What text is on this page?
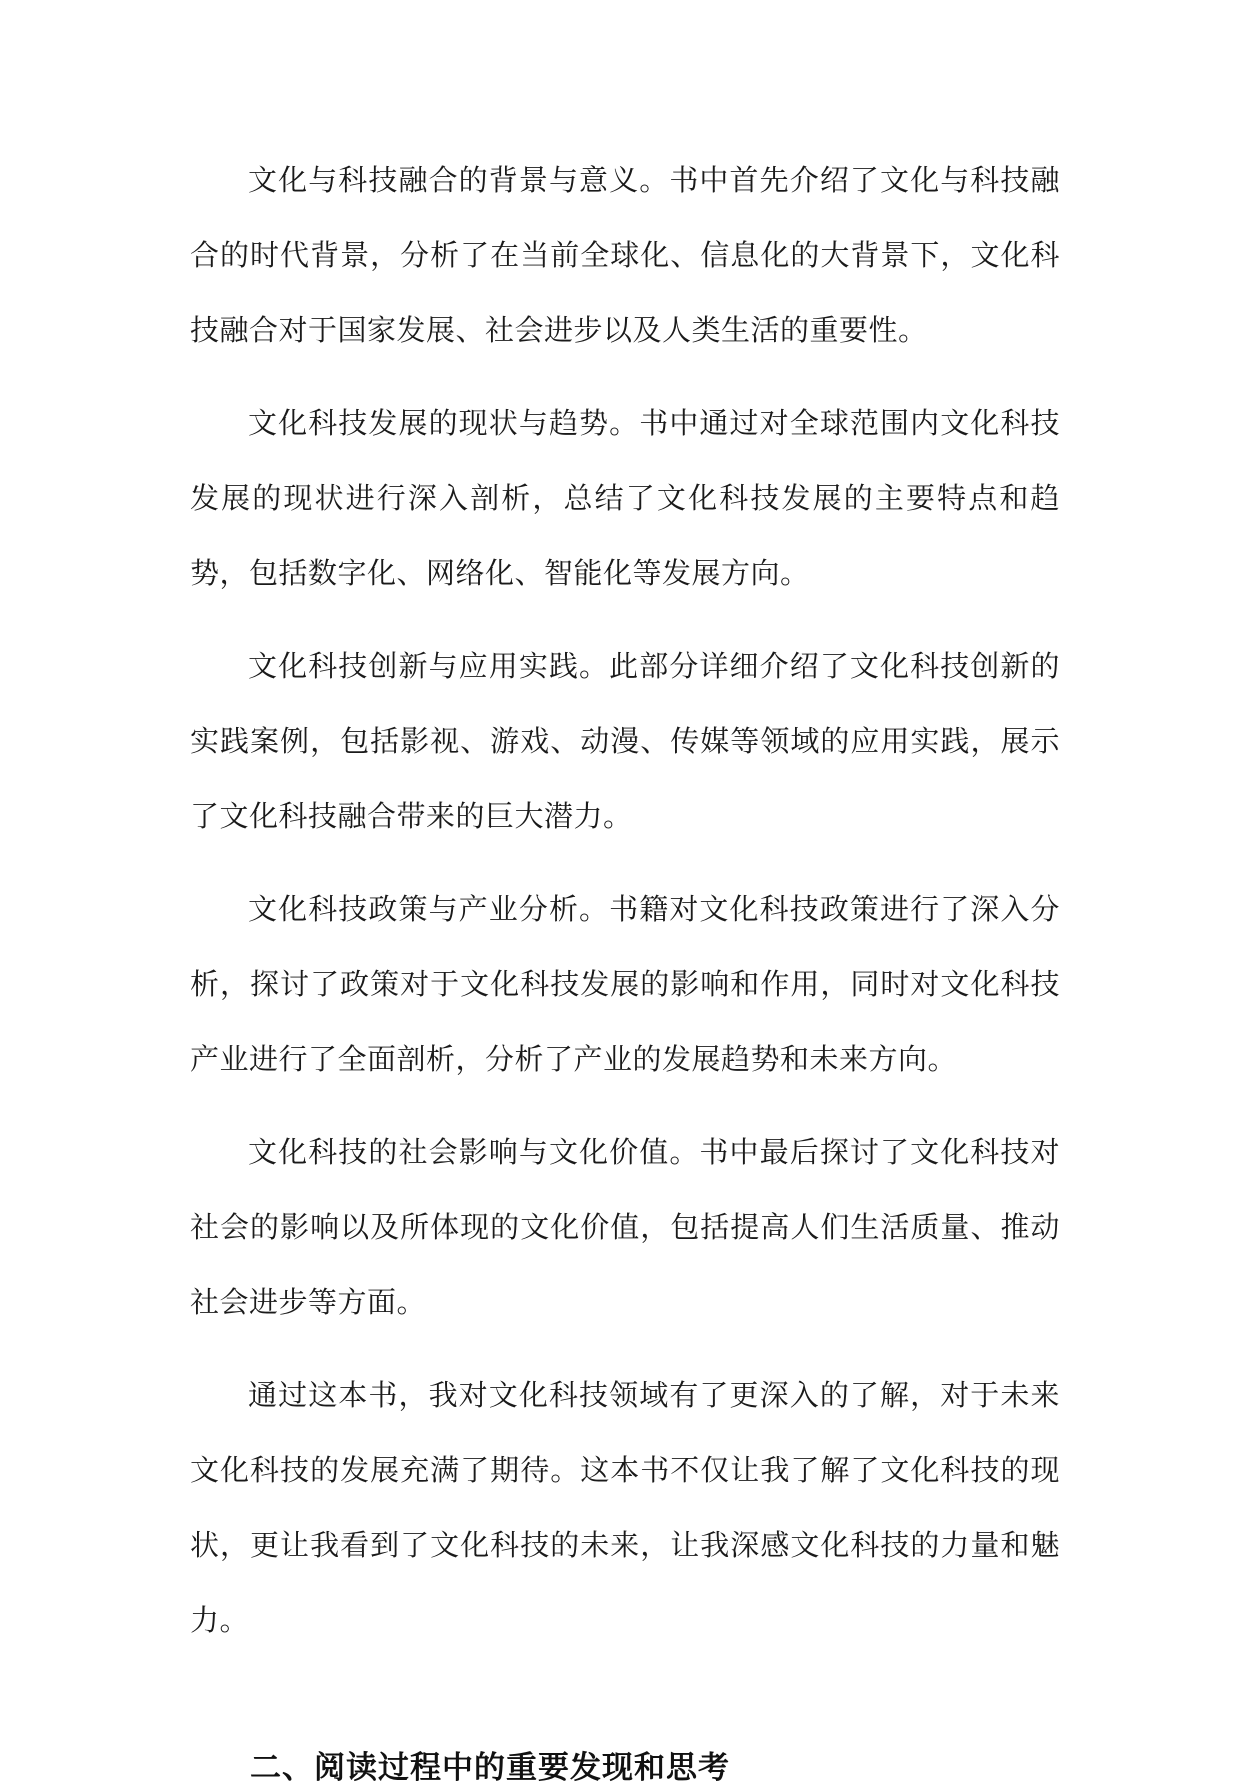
文化与科技融合的背景与意义。书中首先介绍了文化与科技融合的时代背景，分析了在当前全球化、信息化的大背景下，文化科技融合对于国家发展、社会进步以及人类生活的重要性。

文化科技发展的现状与趋势。书中通过对全球范围内文化科技发展的现状进行深入剖析，总结了文化科技发展的主要特点和趋势，包括数字化、网络化、智能化等发展方向。

文化科技创新与应用实践。此部分详细介绍了文化科技创新的实践案例，包括影视、游戏、动漫、传媒等领域的应用实践，展示了文化科技融合带来的巨大潜力。

文化科技政策与产业分析。书籍对文化科技政策进行了深入分析，探讨了政策对于文化科技发展的影响和作用，同时对文化科技产业进行了全面剖析，分析了产业的发展趋势和未来方向。

文化科技的社会影响与文化价值。书中最后探讨了文化科技对社会的影响以及所体现的文化价值，包括提高人们生活质量、推动社会进步等方面。

通过这本书，我对文化科技领域有了更深入的了解，对于未来文化科技的发展充满了期待。这本书不仅让我了解了文化科技的现状，更让我看到了文化科技的未来，让我深感文化科技的力量和魅力。

二、阅读过程中的重要发现和思考
